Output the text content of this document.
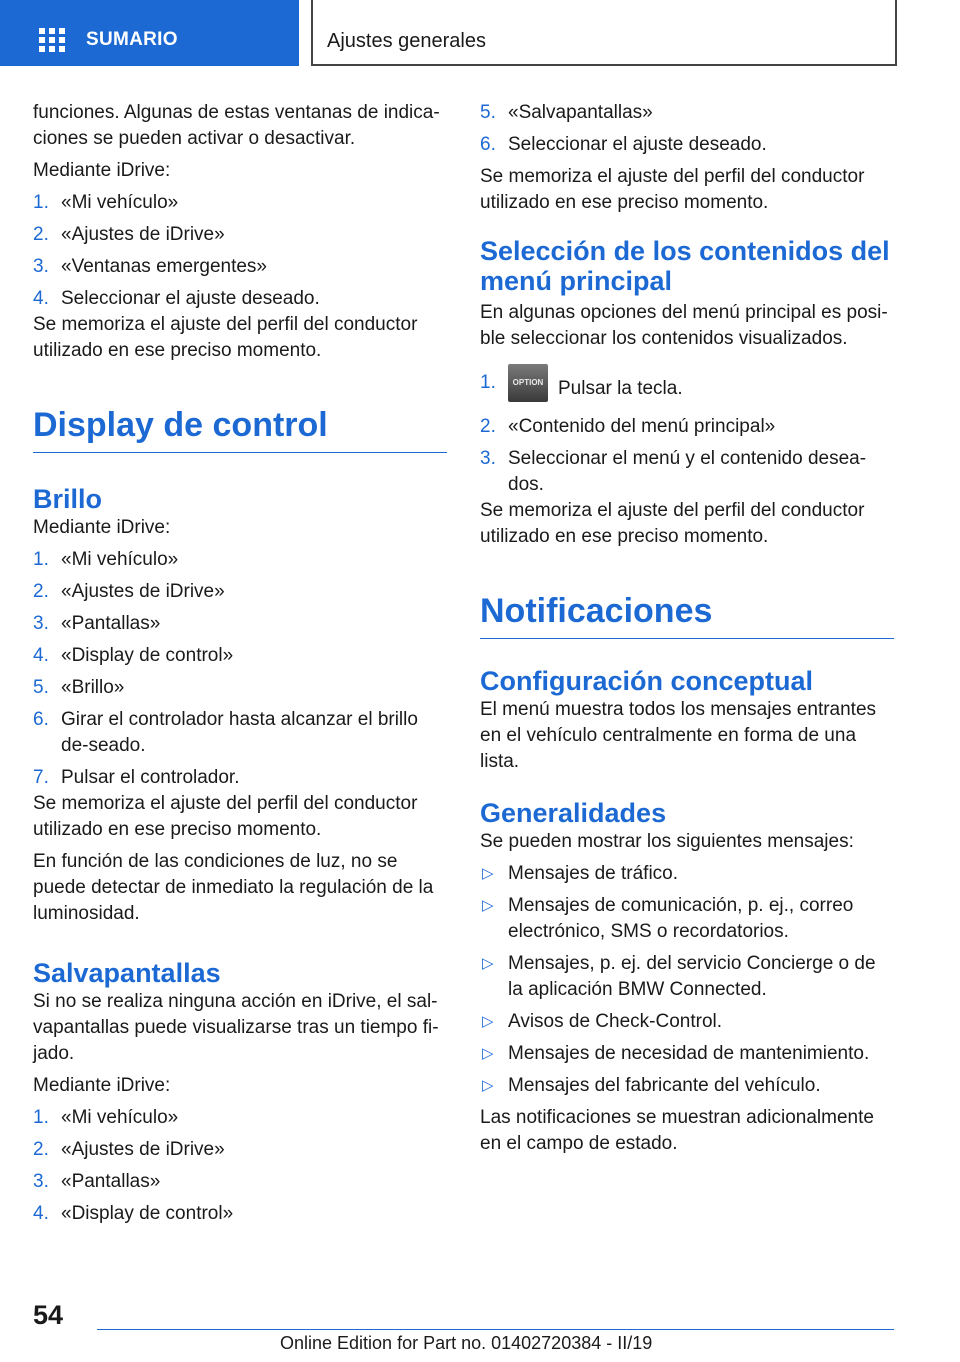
SUMARIO	Ajustes generales

funciones. Algunas de estas ventanas de indica-ciones se pueden activar o desactivar.

Mediante iDrive:

1. «Mi vehículo»
2. «Ajustes de iDrive»
3. «Ventanas emergentes»
4. Seleccionar el ajuste deseado.

Se memoriza el ajuste del perfil del conductor utilizado en ese preciso momento.

Display de control
Brillo

Mediante iDrive:

1. «Mi vehículo»
2. «Ajustes de iDrive»
3. «Pantallas»
4. «Display de control»
5. «Brillo»
6. Girar el controlador hasta alcanzar el brillo de-seado.
7. Pulsar el controlador.

Se memoriza el ajuste del perfil del conductor utilizado en ese preciso momento.

En función de las condiciones de luz, no se puede detectar de inmediato la regulación de la luminosidad.

Salvapantallas

Si no se realiza ninguna acción en iDrive, el sal-vapantallas puede visualizarse tras un tiempo fi-jado.

Mediante iDrive:

1. «Mi vehículo»
2. «Ajustes de iDrive»
3. «Pantallas»
4. «Display de control»
5. «Salvapantallas»
6. Seleccionar el ajuste deseado.

Se memoriza el ajuste del perfil del conductor utilizado en ese preciso momento.

Selección de los contenidos del menú principal

En algunas opciones del menú principal es posi-ble seleccionar los contenidos visualizados.

1. OPTION Pulsar la tecla.
2. «Contenido del menú principal»
3. Seleccionar el menú y el contenido desea-dos.

Se memoriza el ajuste del perfil del conductor utilizado en ese preciso momento.

Notificaciones
Configuración conceptual

El menú muestra todos los mensajes entrantes en el vehículo centralmente en forma de una lista.

Generalidades

Se pueden mostrar los siguientes mensajes:

▷ Mensajes de tráfico.
▷ Mensajes de comunicación, p. ej., correo electrónico, SMS o recordatorios.
▷ Mensajes, p. ej. del servicio Concierge o de la aplicación BMW Connected.
▷ Avisos de Check-Control.
▷ Mensajes de necesidad de mantenimiento.
▷ Mensajes del fabricante del vehículo.

Las notificaciones se muestran adicionalmente en el campo de estado.

54
Online Edition for Part no. 01402720384 - II/19
